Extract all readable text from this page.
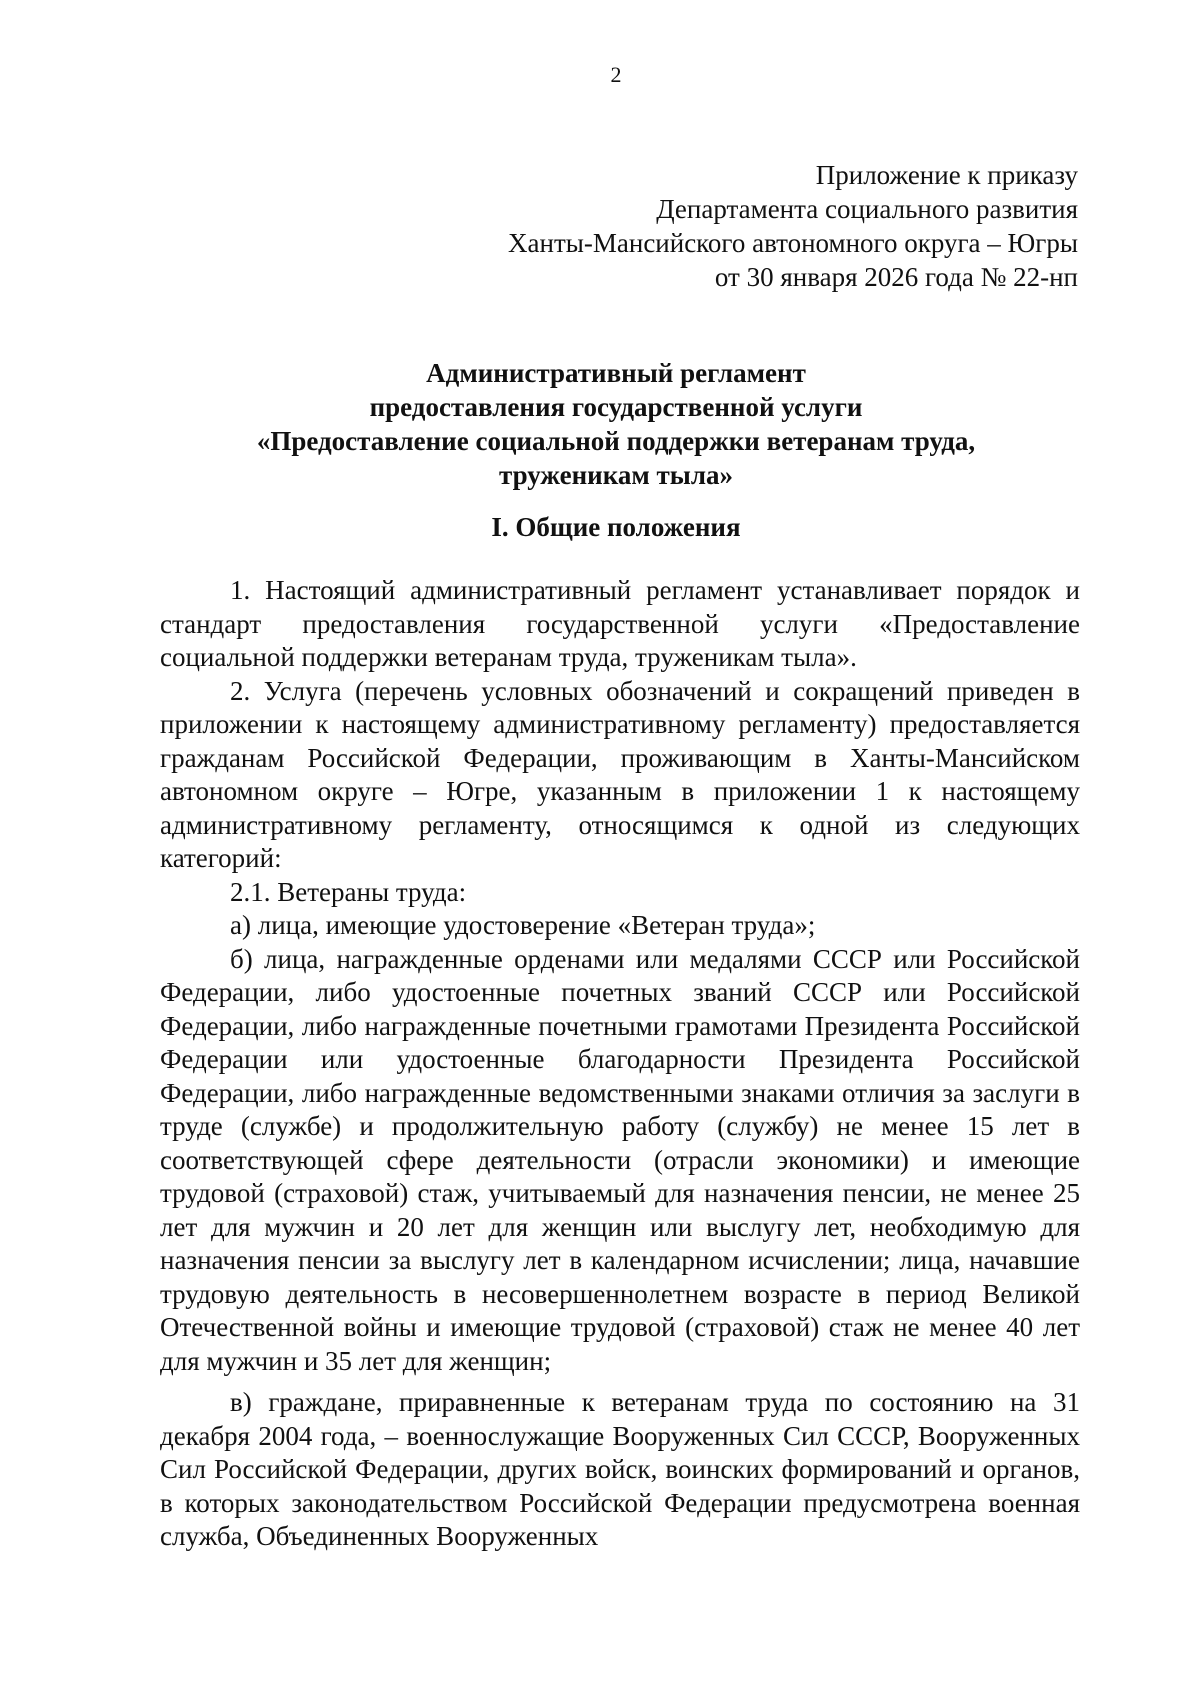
2
Приложение к приказу
Департамента социального развития
Ханты-Мансийского автономного округа – Югры
от 30 января 2026 года № 22-нп
Административный регламент
предоставления государственной услуги
«Предоставление социальной поддержки ветеранам труда,
труженикам тыла»
I. Общие положения

1. Настоящий административный регламент устанавливает порядок и стандарт предоставления государственной услуги «Предоставление социальной поддержки ветеранам труда, труженикам тыла».

2. Услуга (перечень условных обозначений и сокращений приведен в приложении к настоящему административному регламенту) предоставляется гражданам Российской Федерации, проживающим в Ханты-Мансийском автономном округе – Югре, указанным в приложении 1 к настоящему административному регламенту, относящимся к одной из следующих категорий:

2.1. Ветераны труда:

а) лица, имеющие удостоверение «Ветеран труда»;

б) лица, награжденные орденами или медалями СССР или Российской Федерации, либо удостоенные почетных званий СССР или Российской Федерации, либо награжденные почетными грамотами Президента Российской Федерации или удостоенные благодарности Президента Российской Федерации, либо награжденные ведомственными знаками отличия за заслуги в труде (службе) и продолжительную работу (службу) не менее 15 лет в соответствующей сфере деятельности (отрасли экономики) и имеющие трудовой (страховой) стаж, учитываемый для назначения пенсии, не менее 25 лет для мужчин и 20 лет для женщин или выслугу лет, необходимую для назначения пенсии за выслугу лет в календарном исчислении; лица, начавшие трудовую деятельность в несовершеннолетнем возрасте в период Великой Отечественной войны и имеющие трудовой (страховой) стаж не менее 40 лет для мужчин и 35 лет для женщин;

в) граждане, приравненные к ветеранам труда по состоянию на 31 декабря 2004 года, – военнослужащие Вооруженных Сил СССР, Вооруженных Сил Российской Федерации, других войск, воинских формирований и органов, в которых законодательством Российской Федерации предусмотрена военная служба, Объединенных Вооруженных
